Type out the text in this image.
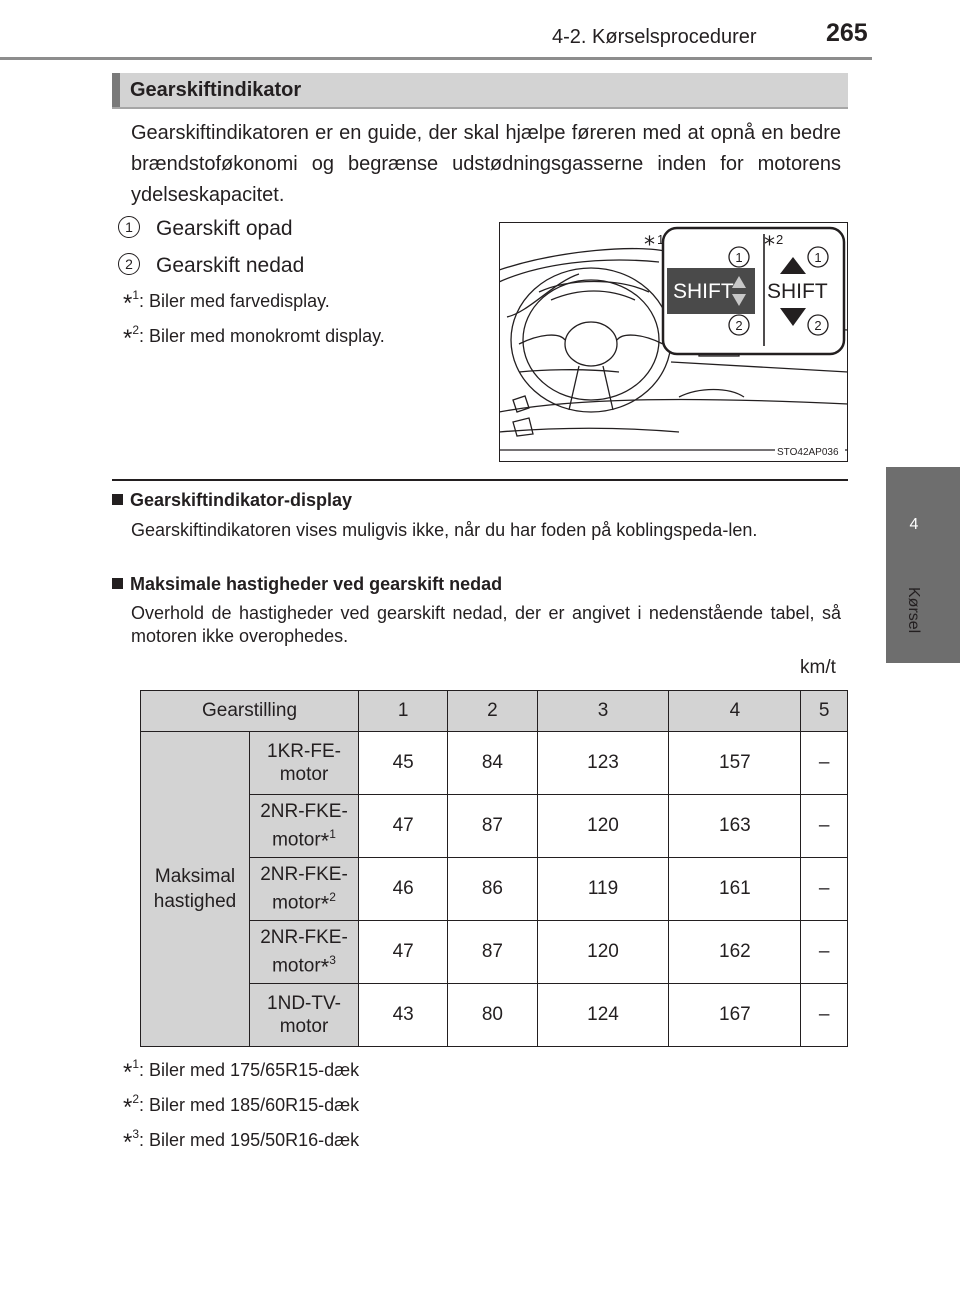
4-2. Kørselsprocedurer	265
4
Kørsel
Gearskiftindikator
Gearskiftindikatoren er en guide, der skal hjælpe føreren med at opnå en bedre brændstoføkonomi og begrænse udstødningsgasserne inden for motorens ydelseskapacitet.
1 Gearskift opad
2 Gearskift nedad
*$^1$: Biler med farvedisplay.
*$^2$: Biler med monokromt display.
* 1	* 2
SHIFT
1
2
SHIFT
1
2
STO42AP036
Gearskiftindikator-display
Gearskiftindikatoren vises muligvis ikke, når du har foden på koblingspeda-len.
Maksimale hastigheder ved gearskift nedad
Overhold de hastigheder ved gearskift nedad, der er angivet i nedenstående tabel, så motoren ikke overophedes.
km/t
Gearstilling		1	2	3	4	5
Maksimal
hastighed	1KR-FE-
motor	45	84	123	157	–
	2NR-FKE-
motor*$^1$	47	87	120	163	–
	2NR-FKE-
motor*$^2$	46	86	119	161	–
	2NR-FKE-
motor*$^3$	47	87	120	162	–
	1ND-TV-
motor	43	80	124	167	–
*$^1$: Biler med 175/65R15-dæk
*$^2$: Biler med 185/60R15-dæk
*$^3$: Biler med 195/50R16-dæk
